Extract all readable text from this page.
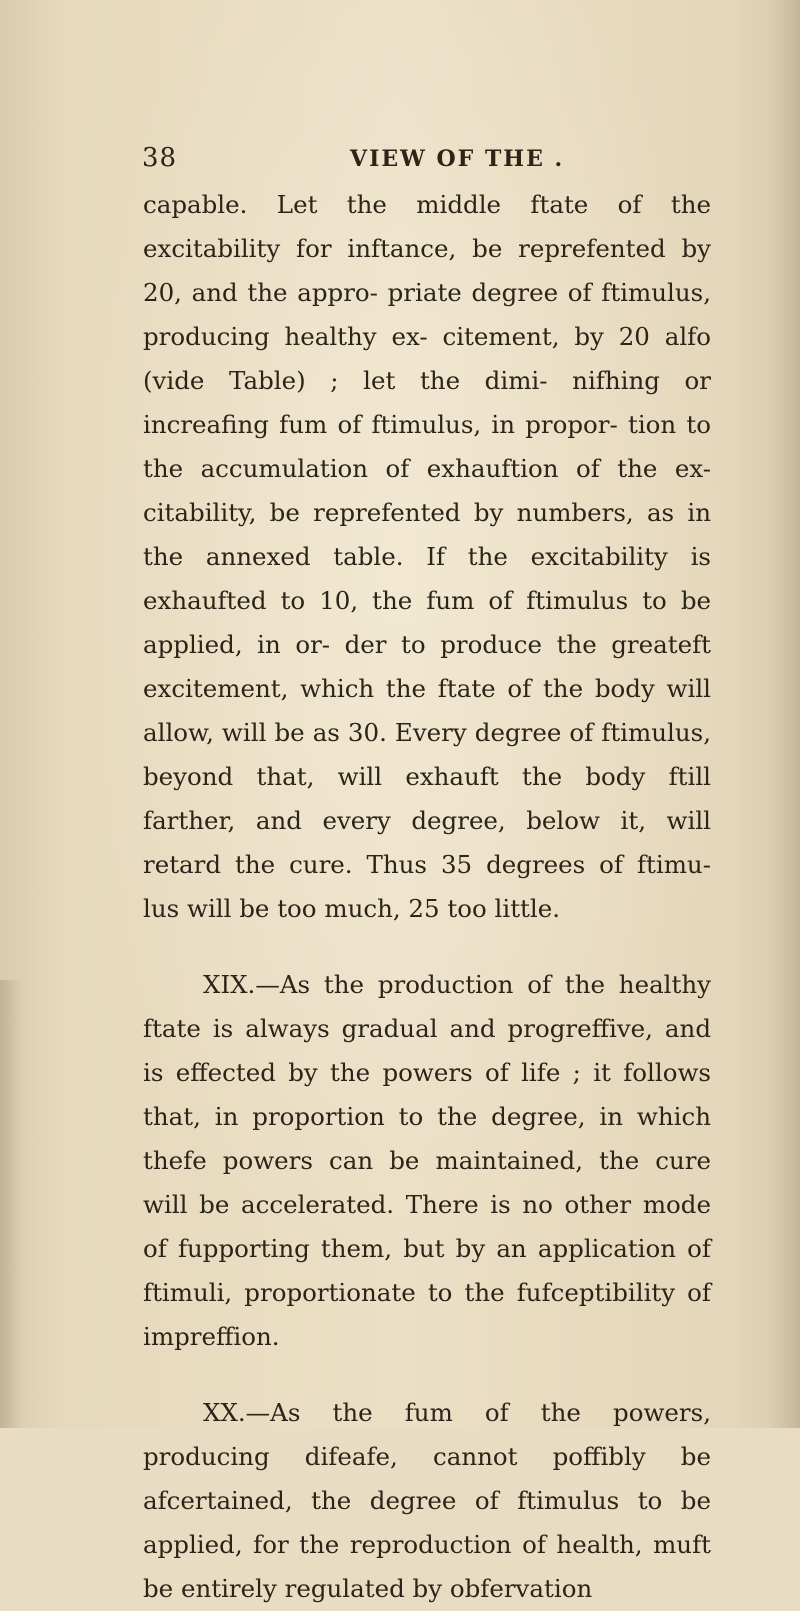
38	VIEW OF THE .

capable. Let the middle ftate of the excitability for inftance, be reprefented by 20, and the appro- priate degree of ftimulus, producing healthy ex- citement, by 20 alfo (vide Table) ; let the dimi- nifhing or increafing fum of ftimulus, in propor- tion to the accumulation of exhauftion of the ex- citability, be reprefented by numbers, as in the annexed table. If the excitability is exhaufted to 10, the fum of ftimulus to be applied, in or- der to produce the greateft excitement, which the ftate of the body will allow, will be as 30. Every degree of ftimulus, beyond that, will exhauft the body ftill farther, and every degree, below it, will retard the cure. Thus 35 degrees of ftimu- lus will be too much, 25 too little.

XIX.—As the production of the healthy ftate is always gradual and progreffive, and is effected by the powers of life ; it follows that, in proportion to the degree, in which thefe powers can be maintained, the cure will be accelerated. There is no other mode of fupporting them, but by an application of ftimuli, proportionate to the fufceptibility of impreffion.

XX.—As the fum of the powers, producing difeafe, cannot poffibly be afcertained, the degree of ftimulus to be applied, for the reproduction of health, muft be entirely regulated by obfervation
